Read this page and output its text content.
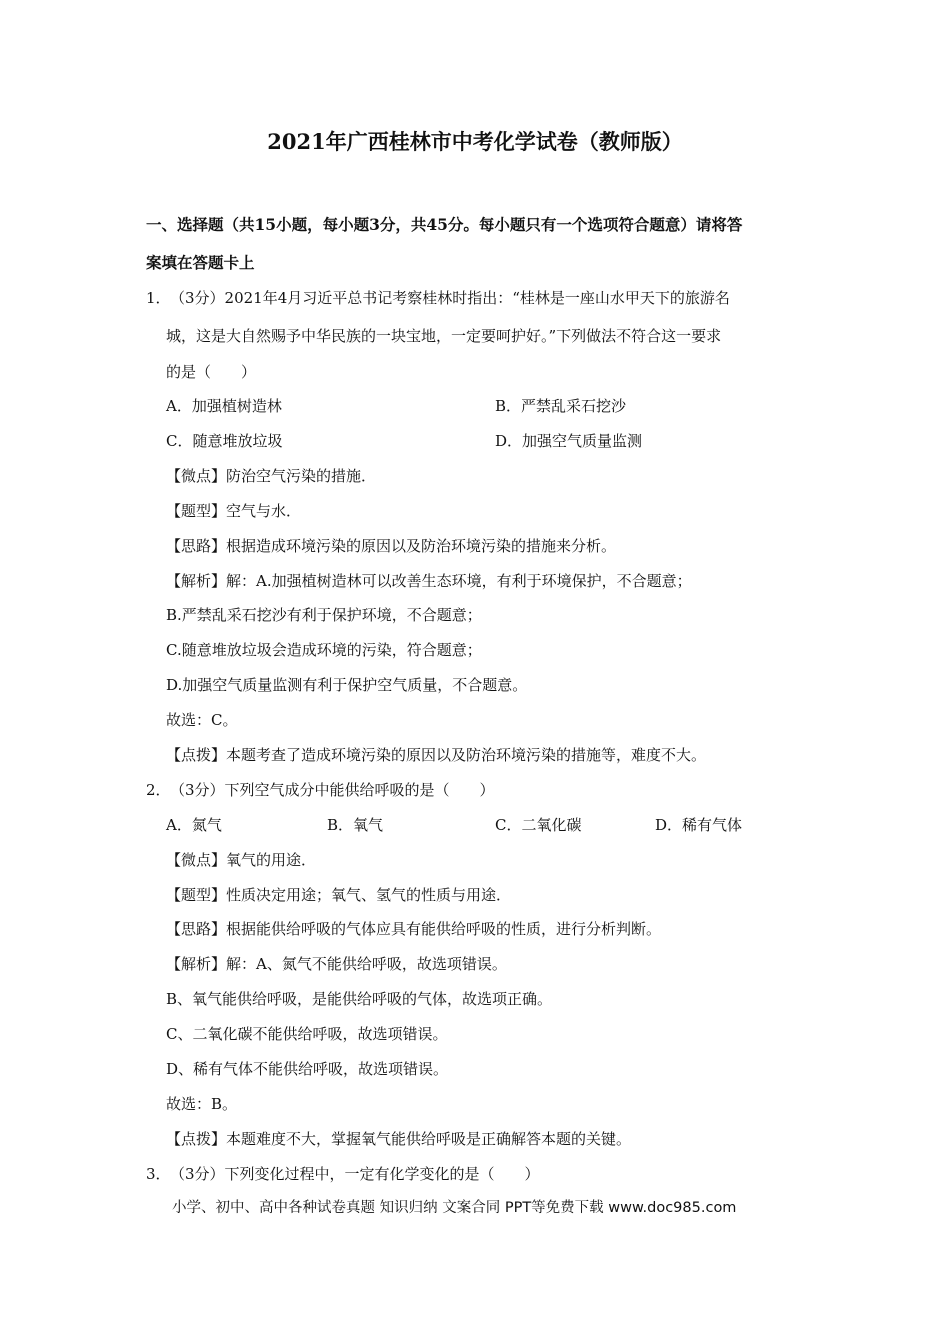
2021年广西桂林市中考化学试卷（教师版）
一、选择题（共15小题，每小题3分，共45分。每小题只有一个选项符合题意）请将答
案填在答题卡上
1． （3分）2021年4月习近平总书记考察桂林时指出：“桂林是一座山水甲天下的旅游名
城，这是大自然赐予中华民族的一块宝地，一定要呵护好。”下列做法不符合这一要求
的是（　　）
A．加强植树造林	B．严禁乱采石挖沙
C．随意堆放垃圾	D．加强空气质量监测
【微点】防治空气污染的措施．
【题型】空气与水．
【思路】根据造成环境污染的原因以及防治环境污染的措施来分析。
【解析】解：A.加强植树造林可以改善生态环境，有利于环境保护，不合题意；
B.严禁乱采石挖沙有利于保护环境，不合题意；
C.随意堆放垃圾会造成环境的污染，符合题意；
D.加强空气质量监测有利于保护空气质量，不合题意。
故选：C。
【点拨】本题考查了造成环境污染的原因以及防治环境污染的措施等，难度不大。
2． （3分）下列空气成分中能供给呼吸的是（　　）
A．氮气	B．氧气	C．二氧化碳	D．稀有气体
【微点】氧气的用途．
【题型】性质决定用途；氧气、氢气的性质与用途．
【思路】根据能供给呼吸的气体应具有能供给呼吸的性质，进行分析判断。
【解析】解：A、氮气不能供给呼吸，故选项错误。
B、氧气能供给呼吸，是能供给呼吸的气体，故选项正确。
C、二氧化碳不能供给呼吸，故选项错误。
D、稀有气体不能供给呼吸，故选项错误。
故选：B。
【点拨】本题难度不大，掌握氧气能供给呼吸是正确解答本题的关键。
3． （3分）下列变化过程中，一定有化学变化的是（　　）
小学、初中、高中各种试卷真题 知识归纳 文案合同 PPT等免费下载 www.doc985.com
